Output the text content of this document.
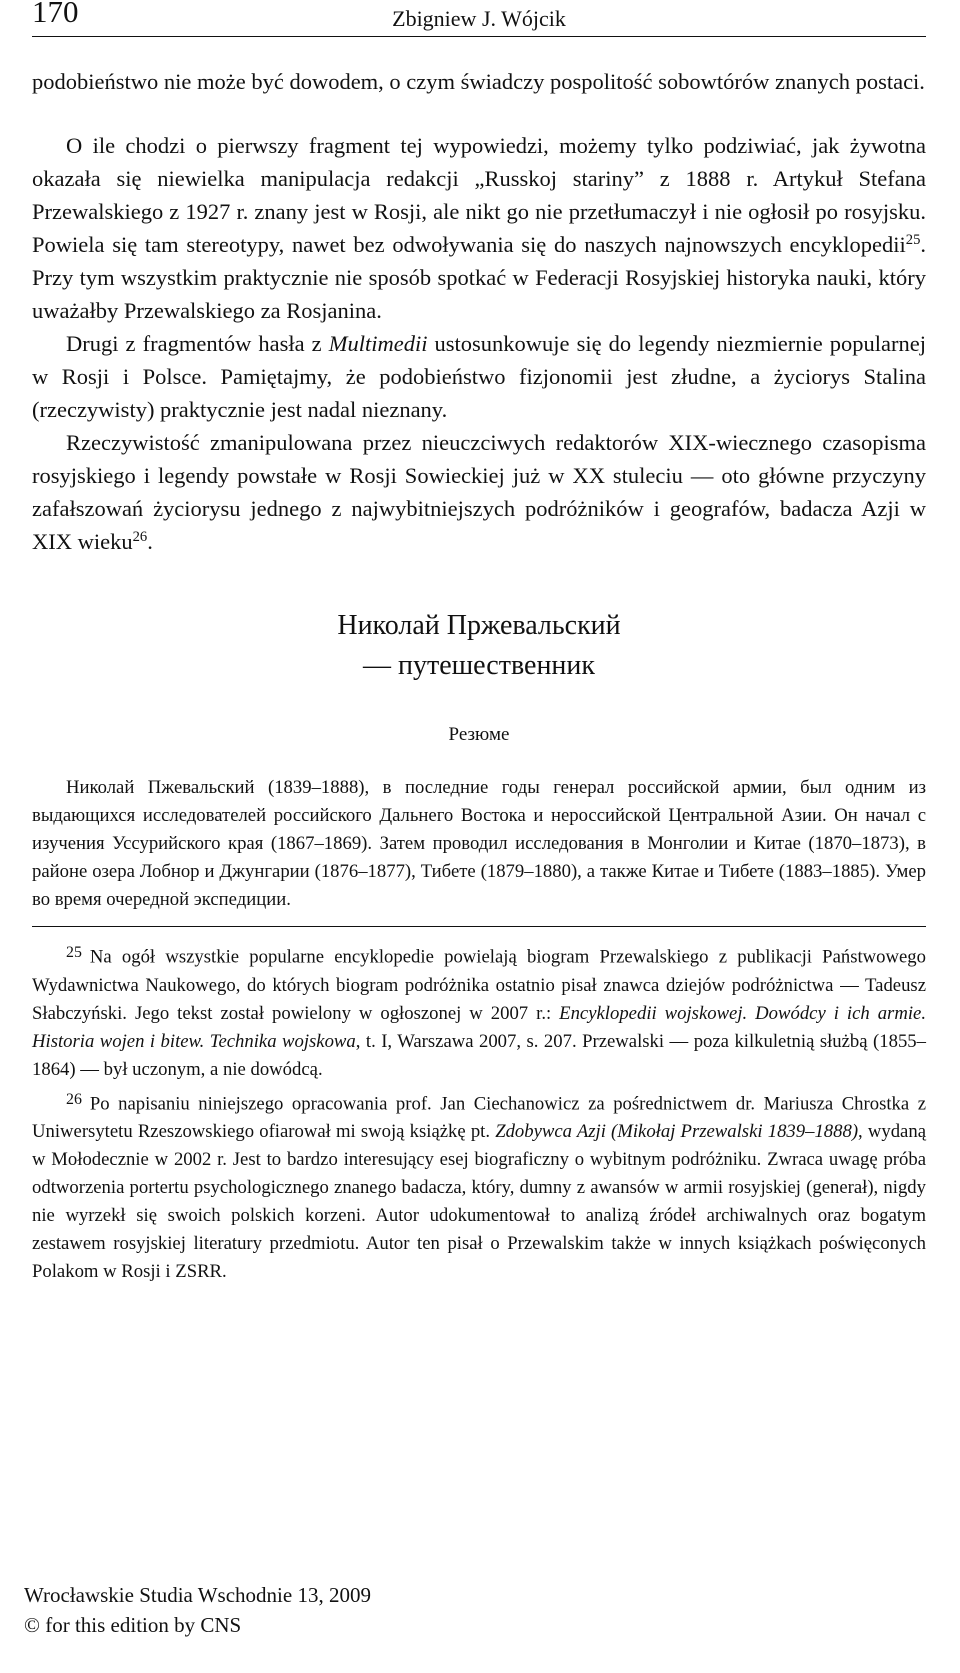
170	Zbigniew J. Wójcik

podobieństwo nie może być dowodem, o czym świadczy pospolitość sobowtórów znanych postaci.

O ile chodzi o pierwszy fragment tej wypowiedzi, możemy tylko podziwiać, jak żywotna okazała się niewielka manipulacja redakcji „Russkoj stariny” z 1888 r. Artykuł Stefana Przewalskiego z 1927 r. znany jest w Rosji, ale nikt go nie przetłumaczył i nie ogłosił po rosyjsku. Powiela się tam stereotypy, nawet bez odwoływania się do naszych najnowszych encyklopedii$^{25}$. Przy tym wszystkim praktycznie nie sposób spotkać w Federacji Rosyjskiej historyka nauki, który uważałby Przewalskiego za Rosjanina.

Drugi z fragmentów hasła z Multimedii ustosunkowuje się do legendy niezmiernie popularnej w Rosji i Polsce. Pamiętajmy, że podobieństwo fizjonomii jest złudne, a życiorys Stalina (rzeczywisty) praktycznie jest nadal nieznany.

Rzeczywistość zmanipulowana przez nieuczciwych redaktorów XIX-wiecznego czasopisma rosyjskiego i legendy powstałe w Rosji Sowieckiej już w XX stuleciu — oto główne przyczyny zafałszowań życiorysu jednego z najwybitniejszych podróżników i geografów, badacza Azji w XIX wieku$^{26}$.

Николай Пржевальский
— путешественник
Резюме
Николай Пжевальский (1839–1888), в последние годы генерал российской армии, был одним из выдающихся исследователей российского Дальнего Востока и нероссийской Центральной Азии. Он начал с изучения Уссурийского края (1867–1869). Затем проводил исследования в Монголии и Китае (1870–1873), в районе озера Лобнор и Джунгарии (1876–1877), Тибете (1879–1880), а также Китае и Тибете (1883–1885). Умер во время очередной экспедиции.

$^{25}$ Na ogół wszystkie popularne encyklopedie powielają biogram Przewalskiego z publikacji Państwowego Wydawnictwa Naukowego, do których biogram podróżnika ostatnio pisał znawca dziejów podróżnictwa — Tadeusz Słabczyński. Jego tekst został powielony w ogłoszonej w 2007 r.: Encyklopedii wojskowej. Dowódcy i ich armie. Historia wojen i bitew. Technika wojskowa, t. I, Warszawa 2007, s. 207. Przewalski — poza kilkuletnią służbą (1855–1864) — był uczonym, a nie dowódcą.

$^{26}$ Po napisaniu niniejszego opracowania prof. Jan Ciechanowicz za pośrednictwem dr. Mariusza Chrostka z Uniwersytetu Rzeszowskiego ofiarował mi swoją książkę pt. Zdobywca Azji (Mikołaj Przewalski 1839–1888), wydaną w Mołodecznie w 2002 r. Jest to bardzo interesujący esej biograficzny o wybitnym podróżniku. Zwraca uwagę próba odtworzenia portertu psychologicznego znanego badacza, który, dumny z awansów w armii rosyjskiej (generał), nigdy nie wyrzekł się swoich polskich korzeni. Autor udokumentował to analizą źródeł archiwalnych oraz bogatym zestawem rosyjskiej literatury przedmiotu. Autor ten pisał o Przewalskim także w innych książkach poświęconych Polakom w Rosji i ZSRR.

Wrocławskie Studia Wschodnie 13, 2009
© for this edition by CNS
